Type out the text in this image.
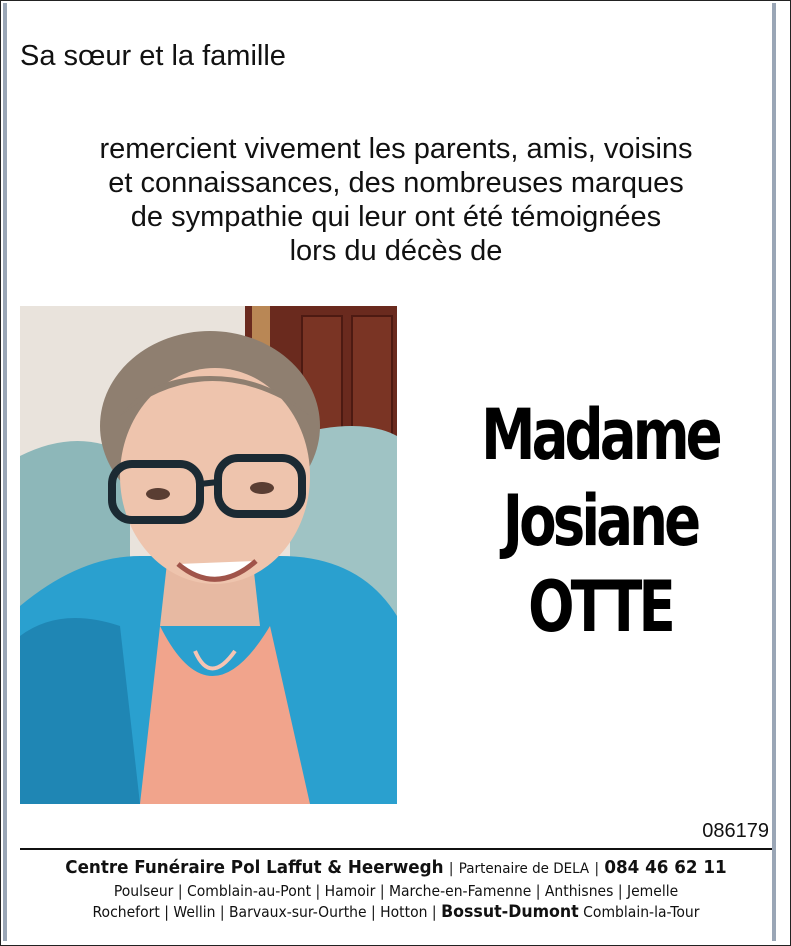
Sa sœur et la famille
remercient vivement les parents, amis, voisins
et connaissances, des nombreuses marques
de sympathie qui leur ont été témoignées
lors du décès de
Madame
Josiane
OTTE
086179
Centre Funéraire Pol Laffut & Heerwegh | Partenaire de DELA | 084 46 62 11
Poulseur | Comblain-au-Pont | Hamoir | Marche-en-Famenne | Anthisnes | Jemelle
Rochefort | Wellin | Barvaux-sur-Ourthe | Hotton | Bossut-Dumont Comblain-la-Tour
